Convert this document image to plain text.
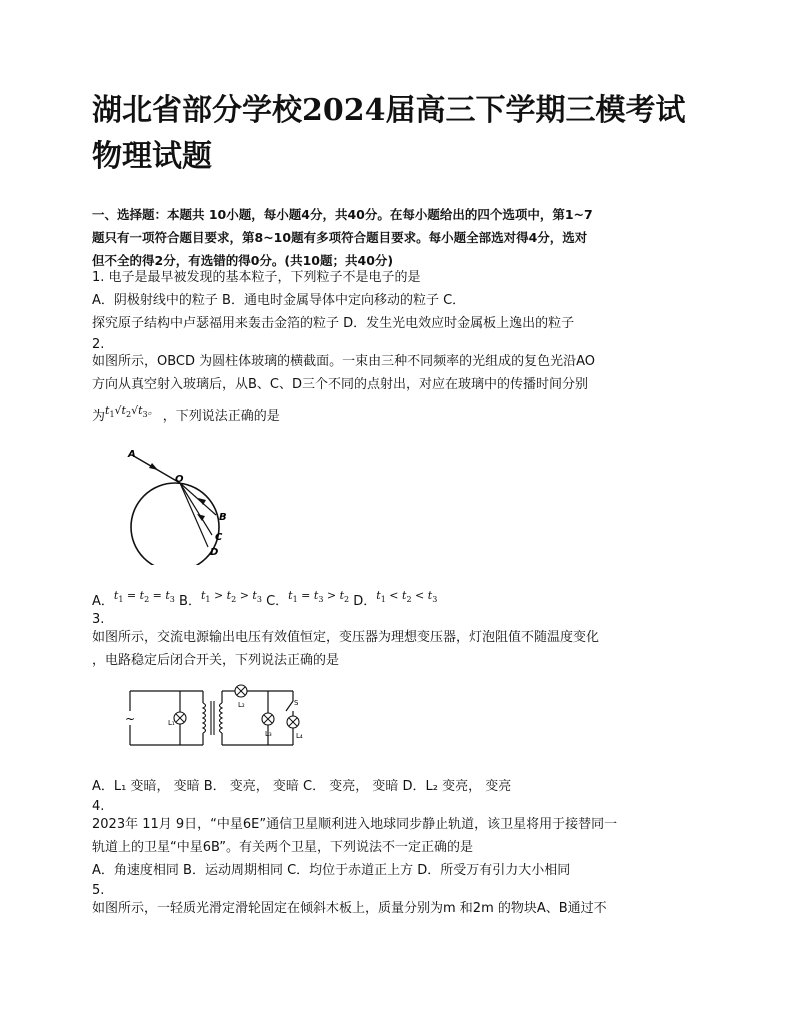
湖北省部分学校2024届高三下学期三模考试
物理试题
一、选择题：本题共 10小题，每小题4分，共40分。在每小题给出的四个选项中，第1~7
题只有一项符合题目要求，第8~10题有多项符合题目要求。每小题全部选对得4分，选对
但不全的得2分，有选错的得0分。(共10题；共40分)
1. 电子是最早被发现的基本粒子，下列粒子不是电子的是
A．阴极射线中的粒子 B．通电时金属导体中定向移动的粒子 C．
探究原子结构中卢瑟福用来轰击金箔的粒子 D．发生光电效应时金属板上逸出的粒子
2.
如图所示，OBCD 为圆柱体玻璃的横截面。一束由三种不同频率的光组成的复色光沿AO
方向从真空射入玻璃后，从B、C、D三个不同的点射出，对应在玻璃中的传播时间分别
为$^{t_1√t_2√t_3。}$ ，下列说法正确的是
A
O
B
C
D
A．$^{t_1 = t_2 = t_3}$ B．$^{t_1 > t_2 > t_3}$ C．$^{t_1 = t_3 > t_2}$ D．$^{t_1 < t_2 < t_3}$
3.
如图所示，交流电源输出电压有效值恒定，变压器为理想变压器，灯泡阻值不随温度变化
，电路稳定后闭合开关，下列说法正确的是
~	L₁
L₂
L₃
S
L₄
A．L₁ 变暗， 变暗 B． 变亮， 变暗 C． 变亮， 变暗 D．L₂ 变亮， 变亮
4.
2023年 11月 9日，“中星6E”通信卫星顺利进入地球同步静止轨道，该卫星将用于接替同一
轨道上的卫星“中星6B”。有关两个卫星，下列说法不一定正确的是
A．角速度相同 B．运动周期相同 C．均位于赤道正上方 D．所受万有引力大小相同
5.
如图所示，一轻质光滑定滑轮固定在倾斜木板上，质量分别为m 和2m 的物块A、B通过不
